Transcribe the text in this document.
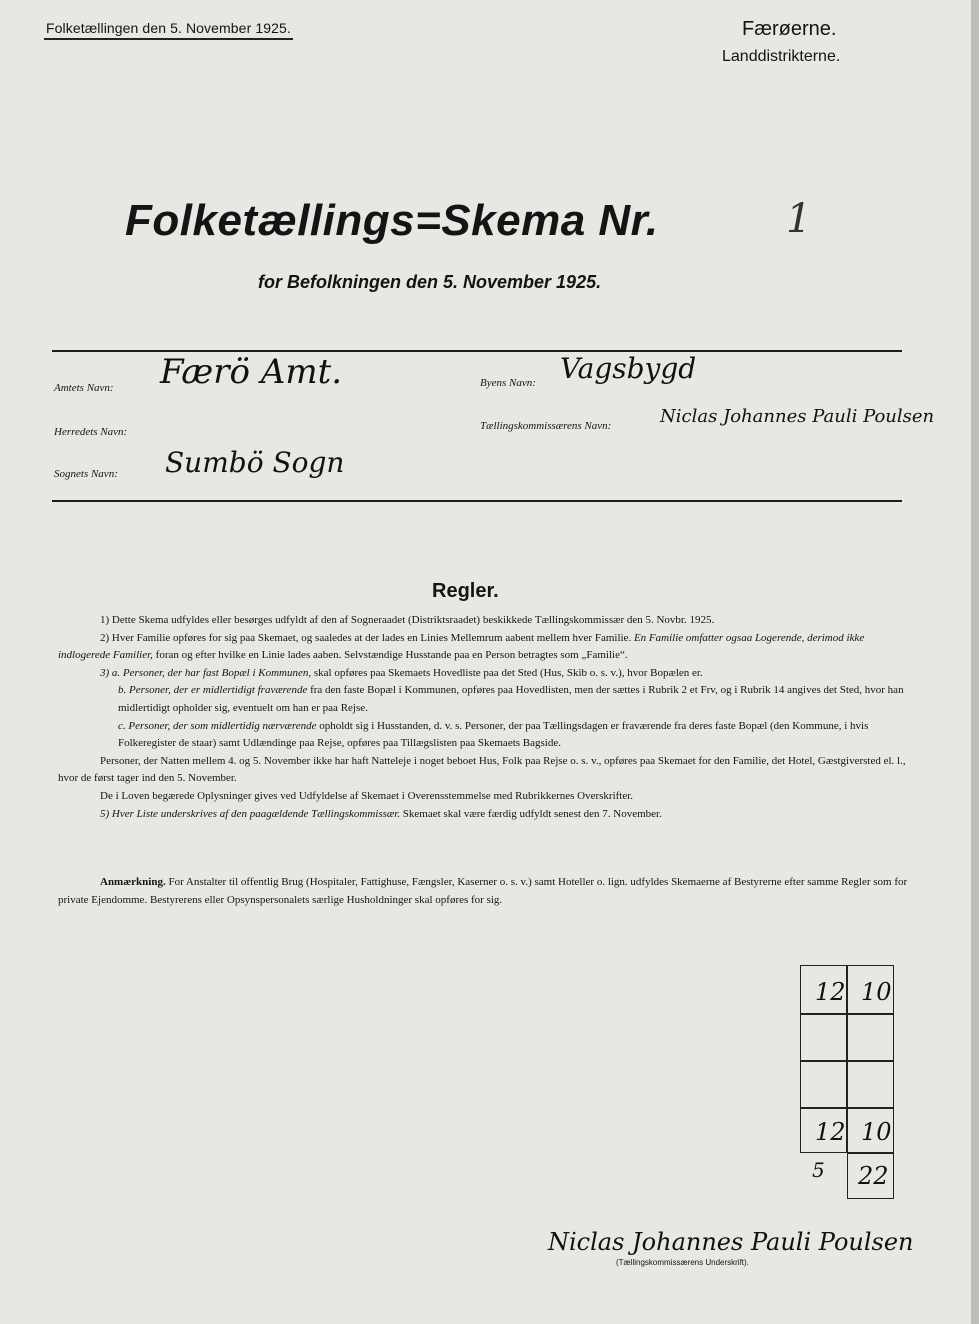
Folketællingen den 5. November 1925.	Færøerne.
Landdistrikterne.
Folketællings=Skema Nr.	1
for Befolkningen den 5. November 1925.
Amtets Navn: Færö Amt.	Byens Navn: Vagsbygd
Herredets Navn:	Tællingskommissærens Navn:	Niclas Johannes Pauli Poulsen
Sognets Navn: Sumbö Sogn
Regler.

1) Dette Skema udfyldes eller besørges udfyldt af den af Sogneraadet (Distriktsraadet) beskikkede Tællingskommissær den 5. Novbr. 1925.

2) Hver Familie opføres for sig paa Skemaet, og saaledes at der lades en Linies Mellemrum aabent mellem hver Familie. En Familie omfatter ogsaa Logerende, derimod ikke indlogerede Familier, foran og efter hvilke en Linie lades aaben. Selvstændige Husstande paa en Person betragtes som „Familie“.

3) a. Personer, der har fast Bopæl i Kommunen, skal opføres paa Skemaets Hovedliste paa det Sted (Hus, Skib o. s. v.), hvor Bopælen er.

b. Personer, der er midlertidigt fraværende fra den faste Bopæl i Kommunen, opføres paa Hovedlisten, men der sættes i Rubrik 2 et Frv, og i Rubrik 14 angives det Sted, hvor han midlertidigt opholder sig, eventuelt om han er paa Rejse.

c. Personer, der som midlertidig nærværende opholdt sig i Husstanden, d. v. s. Personer, der paa Tællingsdagen er fraværende fra deres faste Bopæl (den Kommune, i hvis Folkeregister de staar) samt Udlændinge paa Rejse, opføres paa Tillægslisten paa Skemaets Bagside.

Personer, der Natten mellem 4. og 5. November ikke har haft Natteleje i noget beboet Hus, Folk paa Rejse o. s. v., opføres paa Skemaet for den Familie, det Hotel, Gæstgiversted el. l., hvor de først tager ind den 5. November.

De i Loven begærede Oplysninger gives ved Udfyldelse af Skemaet i Overensstemmelse med Rubrikkernes Overskrifter.

5) Hver Liste underskrives af den paagældende Tællingskommissær. Skemaet skal være færdig udfyldt senest den 7. November.

Anmærkning. For Anstalter til offentlig Brug (Hospitaler, Fattighuse, Fængsler, Kaserner o. s. v.) samt Hoteller o. lign. udfyldes Skemaerne af Bestyrerne efter samme Regler som for private Ejendomme. Bestyrerens eller Opsynspersonalets særlige Husholdninger skal opføres for sig.

12 10
12 10
5 22
Niclas Johannes Pauli Poulsen
(Tællingskommissærens Underskrift).
